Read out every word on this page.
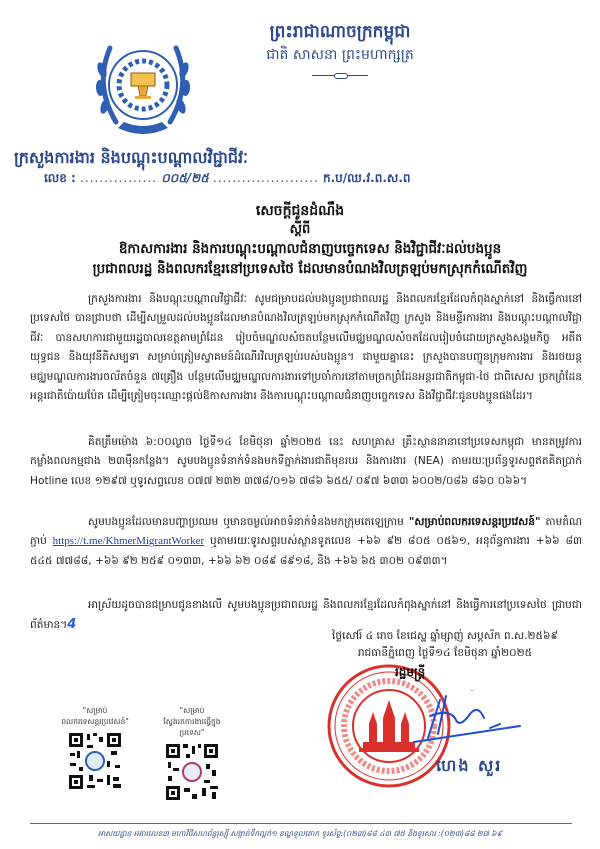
ព្រះរាជាណាចក្រកម្ពុជា
ជាតិ សាសនា ព្រះមហាក្សត្រ
ក្រសួងការងារ និងបណ្តុះបណ្តាលវិជ្ជាជីវៈ
លេខ : ................ ០០៥/២៥ ...................... ក.ប/ឈ.វ.ព.ស.ព
សេចក្តីជូនដំណឹង
ស្តីពី
ឱកាសការងារ និងការបណ្តុះបណ្តាលជំនាញបច្ចេកទេស និងវិជ្ជាជីវៈដល់បងប្អូន
ប្រជាពលរដ្ឋ និងពលករខ្មែរនៅប្រទេសថៃ ដែលមានបំណងវិលត្រឡប់មកស្រុកកំណើតវិញ
ក្រសួងការងារ និងបណ្តុះបណ្តាលវិជ្ជាជីវៈ សូមជម្រាបដល់បងប្អូនប្រជាពលរដ្ឋ និងពលករខ្មែរដែលកំពុងស្នាក់នៅ និងធ្វើការនៅប្រទេសថៃ បានជ្រាបថា ដើម្បីសម្រួលដល់បងប្អូនដែលមានបំណងវិលត្រឡប់មកស្រុកកំណើតវិញ ក្រសួង និងមន្ទីរការងារ និងបណ្តុះបណ្តាលវិជ្ជាជីវៈ បានសហការជាមួយរដ្ឋបាលខេត្តតាមព្រំដែន រៀបចំមណ្ឌលសំចតបន្ថែមលើមជ្ឈមណ្ឌលសំចតដែលរៀបចំដោយក្រសួងសង្គមកិច្ច អតីតយុទ្ធជន និងយុវនីតិសម្បទា សម្រាប់ត្រៀមស្វាគមន៍ដំណើរវិលត្រឡប់របស់បងប្អូន។ ជាមួយគ្នានេះ ក្រសួងបានបញ្ជូនក្រុមការងារ និងរថយន្តមជ្ឈមណ្ឌលការងារចល័តចំនួន ៧គ្រឿង បន្ថែមលើមជ្ឈមណ្ឌលការងារទៅប្រចាំការនៅតាមច្រកព្រំដែនអន្តរជាតិកម្ពុជា-ថៃ ជាពិសេស ច្រកព្រំដែនអន្តរជាតិប៉ោយប៉ែត ដើម្បីត្រៀមចុះឈ្មោះផ្តល់ឱកាសការងារ និងការបណ្តុះបណ្តាលជំនាញបច្ចេកទេស និងវិជ្ជាជីវៈជូនបងប្អូនផងដែរ។
គិតត្រឹមម៉ោង ៦:០០ល្ងាច ថ្ងៃទី១៤ ខែមិថុនា ឆ្នាំ២០២៥ នេះ សហគ្រាស គ្រឹះស្ថាននានានៅប្រទេសកម្ពុជា មានតម្រូវការកម្លាំងពលកម្មជាង ២៣ម៉ឺនកន្លែង។ សូមបងប្អូនទំនាក់ទំនងមកទីភ្នាក់ងារជាតិមុខរបរ និងការងារ (NEA) តាមរយៈប្រព័ន្ធទូរសព្ទឥតគិតប្រាក់ Hotline លេខ ១២៩៧ ឬទូរសព្ទលេខ ០៧៧ ២៣២ ៣៧៨/០១៦ ៧៨៦ ៦៥៥/ ០៩៧ ៦៣៣ ៦០០២/០៨៦ ៨៦០ ០៦៦។
សូមបងប្អូនដែលមានបញ្ហាប្រឈម ឬមានចម្ងល់អាចទំនាក់ទំនងមកក្រុមតេឡេក្រាម "សម្រាប់ពលករទេសន្តរប្រវេសន៍" តាមតំណភ្ជាប់ https://t.me/KhmerMigrantWorker ឬតាមរយៈទូរសព្ទរបស់ស្ថានទូតលេខ +៦៦ ៩២ ៨០៥ ០៥៦១, អនុព័ន្ធការងារ +៦៦ ៨៣ ៥៤៥ ៧៧៨៨, +៦៦ ៩២ ២៥៩ ០១៣៣, +៦៦ ៦២ ០៨៩ ៨៩១៨, និង +៦៦ ៦៥ ៣០២ ០៩៣៣។
អាស្រ័យដូចបានជម្រាបជូនខាងលើ សូមបងប្អូនប្រជាពលរដ្ឋ និងពលករខ្មែរដែលកំពុងស្នាក់នៅ និងធ្វើការនៅប្រទេសថៃ ជ្រាបជាព័ត៌មាន។4
ថ្ងៃសៅរ៍ ៤ រោច ខែជេស្ឋ ឆ្នាំម្សាញ់ សប្តស័ក ព.ស.២៥៦៩
រាជធានីភ្នំពេញ ថ្ងៃទី១៤ ខែមិថុនា ឆ្នាំ២០២៥
រដ្ឋមន្ត្រី
ហេង សួរ
"សម្រាប់
ពលករទេសន្តរប្រវេសន៍"
"សម្រាប់
ស្វែងរកការងារធ្វើក្នុងប្រទេស"
អាសយដ្ឋាន អគារលេខ៣ មហាវិថីសហព័ន្ធរុស្ស៊ី សង្កាត់ទឹកល្អក់១ ខណ្ឌទួលគោក ទូរស័ព្ទ:(០២៣)៨៨ ៤៣ ៧៥ និងទូរសារ :(០២៣)៨៨ ២៧ ៦៩
